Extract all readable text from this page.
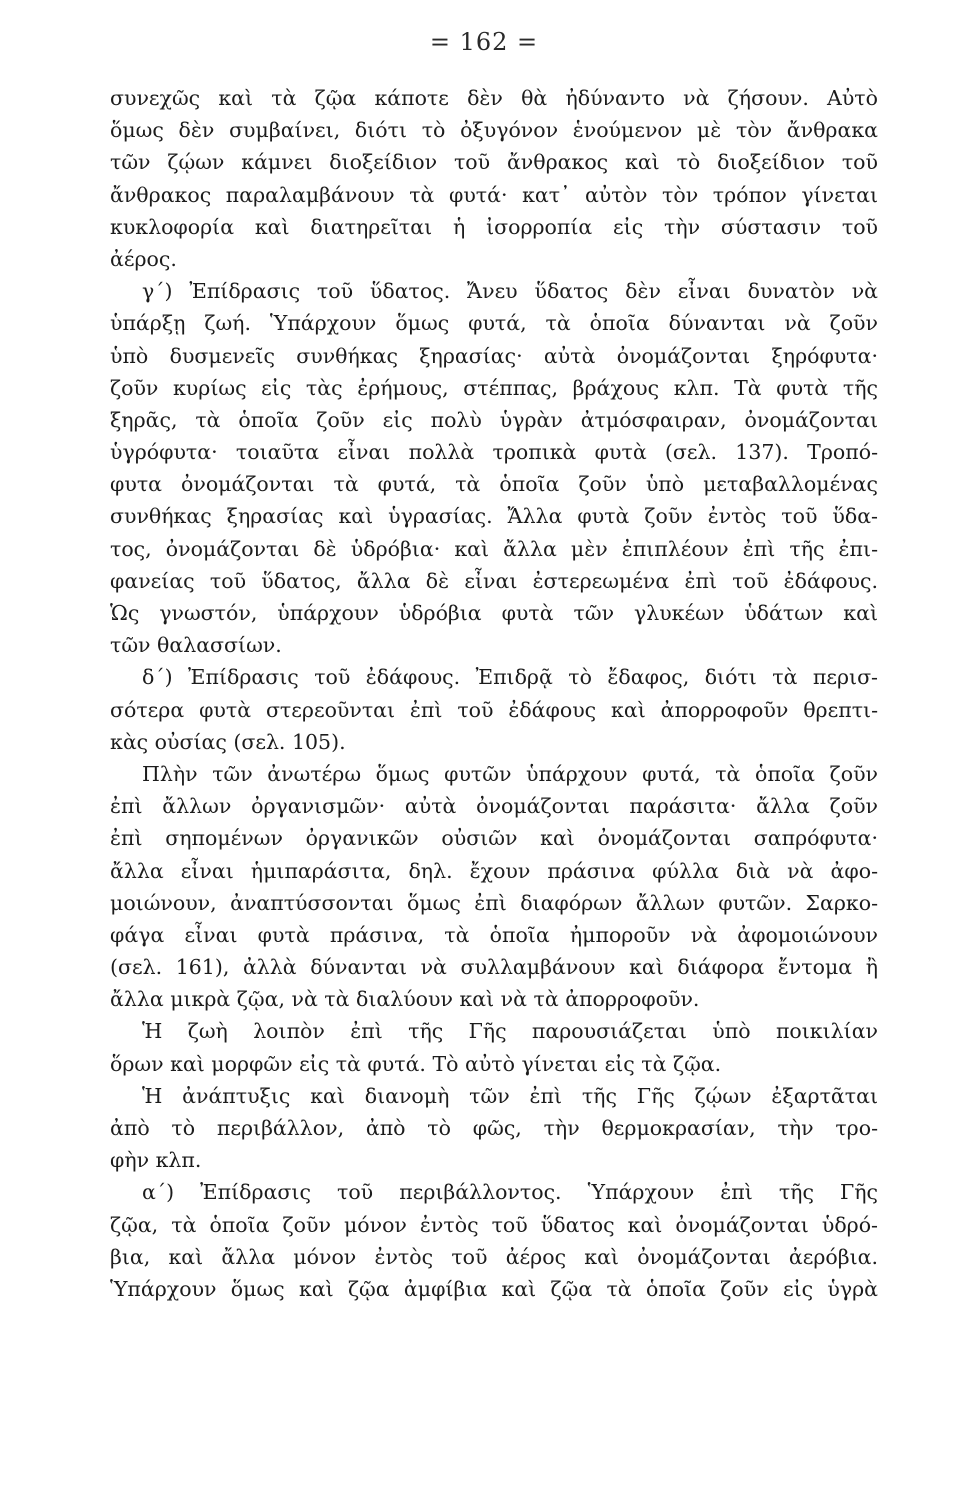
= 162 =
συνεχῶς καὶ τὰ ζῷα κάποτε δὲν θὰ ἠδύναντο νὰ ζήσουν. Αὐτὸ
ὅμως δὲν συμβαίνει, διότι τὸ ὀξυγόνον ἑνούμενον μὲ τὸν ἄνθρακα
τῶν ζῴων κάμνει διοξείδιον τοῦ ἄνθρακος καὶ τὸ διοξείδιον τοῦ
ἄνθρακος παραλαμβάνουν τὰ φυτά· κατ᾽ αὐτὸν τὸν τρόπον γίνεται
κυκλοφορία καὶ διατηρεῖται ἡ ἰσορροπία εἰς τὴν σύστασιν τοῦ
ἀέρος.
γ΄) Ἐπίδρασις τοῦ ὕδατος. Ἄνευ ὕδατος δὲν εἶναι δυνατὸν νὰ
ὑπάρξῃ ζωή. Ὑπάρχουν ὅμως φυτά, τὰ ὁποῖα δύνανται νὰ ζοῦν
ὑπὸ δυσμενεῖς συνθήκας ξηρασίας· αὐτὰ ὀνομάζονται ξηρόφυτα·
ζοῦν κυρίως εἰς τὰς ἐρήμους, στέππας, βράχους κλπ. Τὰ φυτὰ τῆς
ξηρᾶς, τὰ ὁποῖα ζοῦν εἰς πολὺ ὑγρὰν ἀτμόσφαιραν, ὀνομάζονται
ὑγρόφυτα· τοιαῦτα εἶναι πολλὰ τροπικὰ φυτὰ (σελ. 137). Τροπό-
φυτα ὀνομάζονται τὰ φυτά, τὰ ὁποῖα ζοῦν ὑπὸ μεταβαλλομένας
συνθήκας ξηρασίας καὶ ὑγρασίας. Ἄλλα φυτὰ ζοῦν ἐντὸς τοῦ ὕδα-
τος, ὀνομάζονται δὲ ὑδρόβια· καὶ ἄλλα μὲν ἐπιπλέουν ἐπὶ τῆς ἐπι-
φανείας τοῦ ὕδατος, ἄλλα δὲ εἶναι ἐστερεωμένα ἐπὶ τοῦ ἐδάφους.
Ὡς γνωστόν, ὑπάρχουν ὑδρόβια φυτὰ τῶν γλυκέων ὑδάτων καὶ
τῶν θαλασσίων.
δ΄) Ἐπίδρασις τοῦ ἐδάφους. Ἐπιδρᾷ τὸ ἔδαφος, διότι τὰ περισ-
σότερα φυτὰ στερεοῦνται ἐπὶ τοῦ ἐδάφους καὶ ἀπορροφοῦν θρεπτι-
κὰς οὐσίας (σελ. 105).
Πλὴν τῶν ἀνωτέρω ὅμως φυτῶν ὑπάρχουν φυτά, τὰ ὁποῖα ζοῦν
ἐπὶ ἄλλων ὀργανισμῶν· αὐτὰ ὀνομάζονται παράσιτα· ἄλλα ζοῦν
ἐπὶ σηπομένων ὀργανικῶν οὐσιῶν καὶ ὀνομάζονται σαπρόφυτα·
ἄλλα εἶναι ἡμιπαράσιτα, δηλ. ἔχουν πράσινα φύλλα διὰ νὰ ἀφο-
μοιώνουν, ἀναπτύσσονται ὅμως ἐπὶ διαφόρων ἄλλων φυτῶν. Σαρκο-
φάγα εἶναι φυτὰ πράσινα, τὰ ὁποῖα ἠμποροῦν νὰ ἀφομοιώνουν
(σελ. 161), ἀλλὰ δύνανται νὰ συλλαμβάνουν καὶ διάφορα ἔντομα ἢ
ἄλλα μικρὰ ζῷα, νὰ τὰ διαλύουν καὶ νὰ τὰ ἀπορροφοῦν.
Ἡ ζωὴ λοιπὸν ἐπὶ τῆς Γῆς παρουσιάζεται ὑπὸ ποικιλίαν
ὅρων καὶ μορφῶν εἰς τὰ φυτά. Τὸ αὐτὸ γίνεται εἰς τὰ ζῷα.
Ἡ ἀνάπτυξις καὶ διανομὴ τῶν ἐπὶ τῆς Γῆς ζῴων ἐξαρτᾶται
ἀπὸ τὸ περιβάλλον, ἀπὸ τὸ φῶς, τὴν θερμοκρασίαν, τὴν τρο-
φὴν κλπ.
α΄) Ἐπίδρασις τοῦ περιβάλλοντος. Ὑπάρχουν ἐπὶ τῆς Γῆς
ζῷα, τὰ ὁποῖα ζοῦν μόνον ἐντὸς τοῦ ὕδατος καὶ ὀνομάζονται ὑδρό-
βια, καὶ ἄλλα μόνον ἐντὸς τοῦ ἀέρος καὶ ὀνομάζονται ἀερόβια.
Ὑπάρχουν ὅμως καὶ ζῷα ἀμφίβια καὶ ζῷα τὰ ὁποῖα ζοῦν εἰς ὑγρὰ
